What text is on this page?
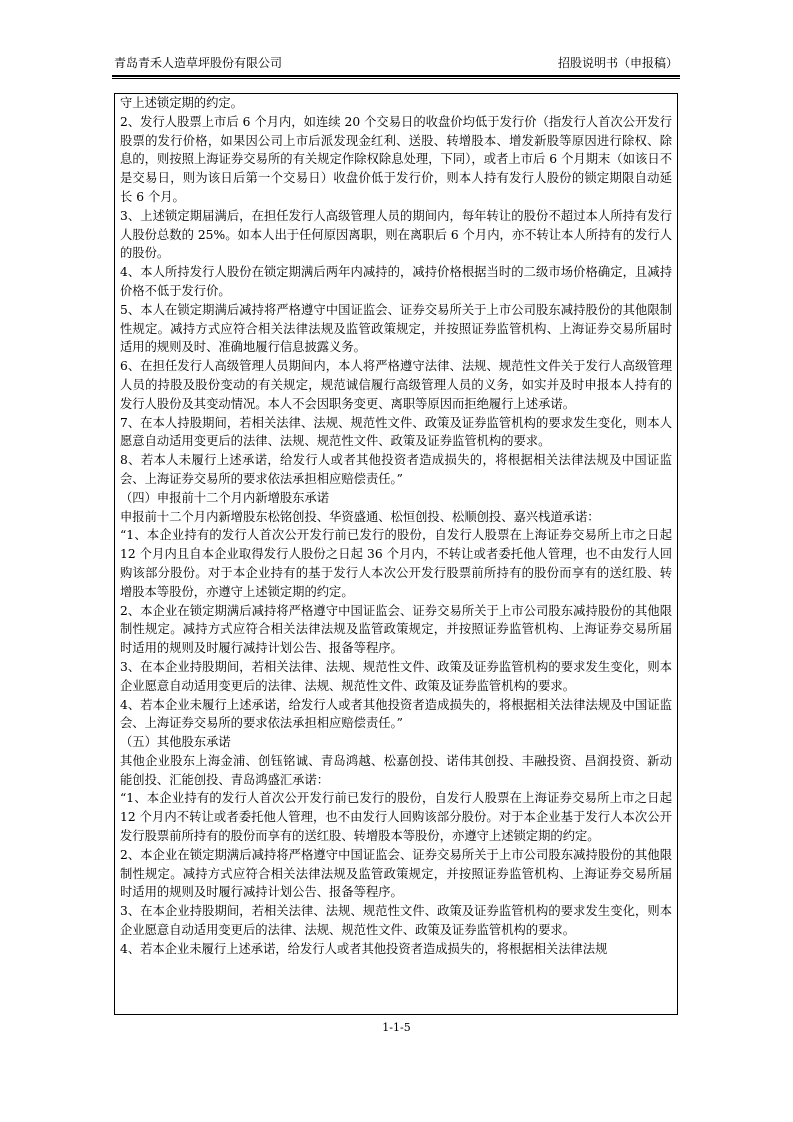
青岛青禾人造草坪股份有限公司	招股说明书（申报稿）

守上述锁定期的约定。

2、发行人股票上市后 6 个月内，如连续 20 个交易日的收盘价均低于发行价（指发行人首次公开发行股票的发行价格，如果因公司上市后派发现金红利、送股、转增股本、增发新股等原因进行除权、除息的，则按照上海证券交易所的有关规定作除权除息处理，下同），或者上市后 6 个月期末（如该日不是交易日，则为该日后第一个交易日）收盘价低于发行价，则本人持有发行人股份的锁定期限自动延长 6 个月。

3、上述锁定期届满后，在担任发行人高级管理人员的期间内，每年转让的股份不超过本人所持有发行人股份总数的 25%。如本人出于任何原因离职，则在离职后 6 个月内，亦不转让本人所持有的发行人的股份。

4、本人所持发行人股份在锁定期满后两年内减持的，减持价格根据当时的二级市场价格确定，且减持价格不低于发行价。

5、本人在锁定期满后减持将严格遵守中国证监会、证券交易所关于上市公司股东减持股份的其他限制性规定。减持方式应符合相关法律法规及监管政策规定，并按照证券监管机构、上海证券交易所届时适用的规则及时、准确地履行信息披露义务。

6、在担任发行人高级管理人员期间内，本人将严格遵守法律、法规、规范性文件关于发行人高级管理人员的持股及股份变动的有关规定，规范诚信履行高级管理人员的义务，如实并及时申报本人持有的发行人股份及其变动情况。本人不会因职务变更、离职等原因而拒绝履行上述承诺。

7、在本人持股期间，若相关法律、法规、规范性文件、政策及证券监管机构的要求发生变化，则本人愿意自动适用变更后的法律、法规、规范性文件、政策及证券监管机构的要求。

8、若本人未履行上述承诺，给发行人或者其他投资者造成损失的，将根据相关法律法规及中国证监会、上海证券交易所的要求依法承担相应赔偿责任。”

（四）申报前十二个月内新增股东承诺

申报前十二个月内新增股东松铭创投、华资盛通、松恒创投、松顺创投、嘉兴栈道承诺：

“1、本企业持有的发行人首次公开发行前已发行的股份，自发行人股票在上海证券交易所上市之日起 12 个月内且自本企业取得发行人股份之日起 36 个月内，不转让或者委托他人管理，也不由发行人回购该部分股份。对于本企业持有的基于发行人本次公开发行股票前所持有的股份而享有的送红股、转增股本等股份，亦遵守上述锁定期的约定。

2、本企业在锁定期满后减持将严格遵守中国证监会、证券交易所关于上市公司股东减持股份的其他限制性规定。减持方式应符合相关法律法规及监管政策规定，并按照证券监管机构、上海证券交易所届时适用的规则及时履行减持计划公告、报备等程序。

3、在本企业持股期间，若相关法律、法规、规范性文件、政策及证券监管机构的要求发生变化，则本企业愿意自动适用变更后的法律、法规、规范性文件、政策及证券监管机构的要求。

4、若本企业未履行上述承诺，给发行人或者其他投资者造成损失的，将根据相关法律法规及中国证监会、上海证券交易所的要求依法承担相应赔偿责任。”

（五）其他股东承诺

其他企业股东上海金浦、创钰铭诚、青岛鸿越、松嘉创投、诺伟其创投、丰融投资、昌润投资、新动能创投、汇能创投、青岛鸿盛汇承诺：

“1、本企业持有的发行人首次公开发行前已发行的股份，自发行人股票在上海证券交易所上市之日起 12 个月内不转让或者委托他人管理，也不由发行人回购该部分股份。对于本企业基于发行人本次公开发行股票前所持有的股份而享有的送红股、转增股本等股份，亦遵守上述锁定期的约定。

2、本企业在锁定期满后减持将严格遵守中国证监会、证券交易所关于上市公司股东减持股份的其他限制性规定。减持方式应符合相关法律法规及监管政策规定，并按照证券监管机构、上海证券交易所届时适用的规则及时履行减持计划公告、报备等程序。

3、在本企业持股期间，若相关法律、法规、规范性文件、政策及证券监管机构的要求发生变化，则本企业愿意自动适用变更后的法律、法规、规范性文件、政策及证券监管机构的要求。

4、若本企业未履行上述承诺，给发行人或者其他投资者造成损失的，将根据相关法律法规

1-1-5
